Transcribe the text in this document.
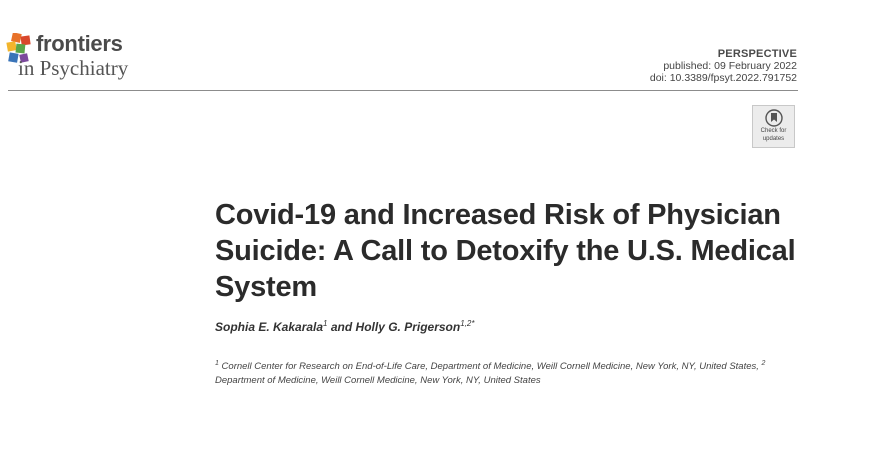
frontiers
in Psychiatry
PERSPECTIVE
published: 09 February 2022
doi: 10.3389/fpsyt.2022.791752
Check for
updates
Covid-19 and Increased Risk of Physician Suicide: A Call to Detoxify the U.S. Medical System
Sophia E. Kakarala$^1$ and Holly G. Prigerson$^{1,2*}$
$^1$ Cornell Center for Research on End-of-Life Care, Department of Medicine, Weill Cornell Medicine, New York, NY, United States, $^2$ Department of Medicine, Weill Cornell Medicine, New York, NY, United States
